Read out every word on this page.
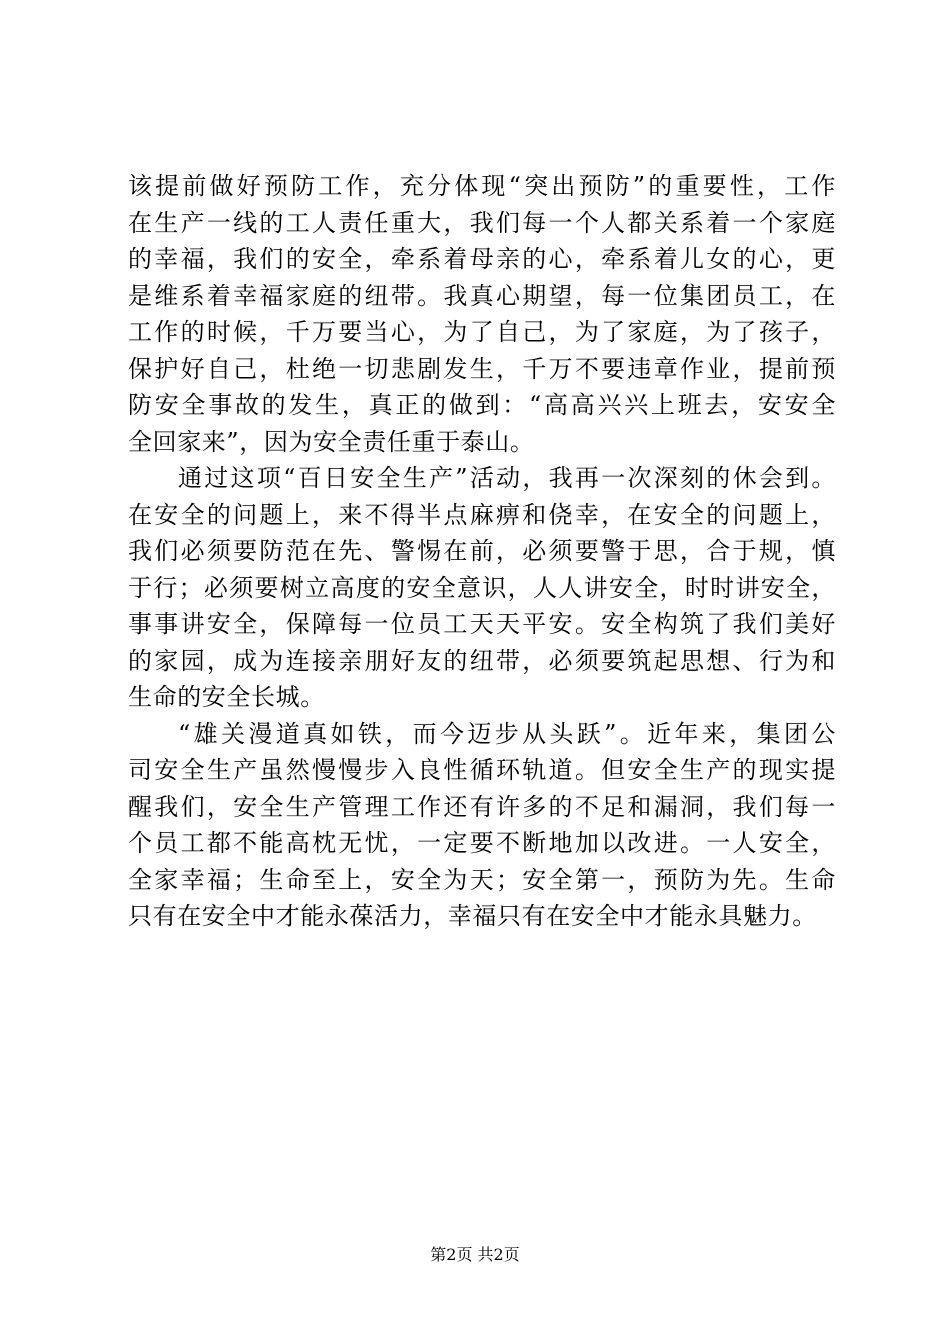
该提前做好预防工作，充分体现“突出预防”的重要性，工作
在生产一线的工人责任重大，我们每一个人都关系着一个家庭
的幸福，我们的安全，牵系着母亲的心，牵系着儿女的心，更
是维系着幸福家庭的纽带。我真心期望，每一位集团员工，在
工作的时候，千万要当心，为了自己，为了家庭，为了孩子，
保护好自己，杜绝一切悲剧发生，千万不要违章作业，提前预
防安全事故的发生，真正的做到：“高高兴兴上班去，安安全
全回家来”，因为安全责任重于泰山。
通过这项“百日安全生产”活动，我再一次深刻的休会到。
在安全的问题上，来不得半点麻痹和侥幸，在安全的问题上，
我们必须要防范在先、警惕在前，必须要警于思，合于规，慎
于行；必须要树立高度的安全意识，人人讲安全，时时讲安全，
事事讲安全，保障每一位员工天天平安。安全构筑了我们美好
的家园，成为连接亲朋好友的纽带，必须要筑起思想、行为和
生命的安全长城。
“雄关漫道真如铁，而今迈步从头跃”。近年来，集团公
司安全生产虽然慢慢步入良性循环轨道。但安全生产的现实提
醒我们，安全生产管理工作还有许多的不足和漏洞，我们每一
个员工都不能高枕无忧，一定要不断地加以改进。一人安全，
全家幸福；生命至上，安全为天；安全第一，预防为先。生命
只有在安全中才能永葆活力，幸福只有在安全中才能永具魅力。
第2页 共2页
